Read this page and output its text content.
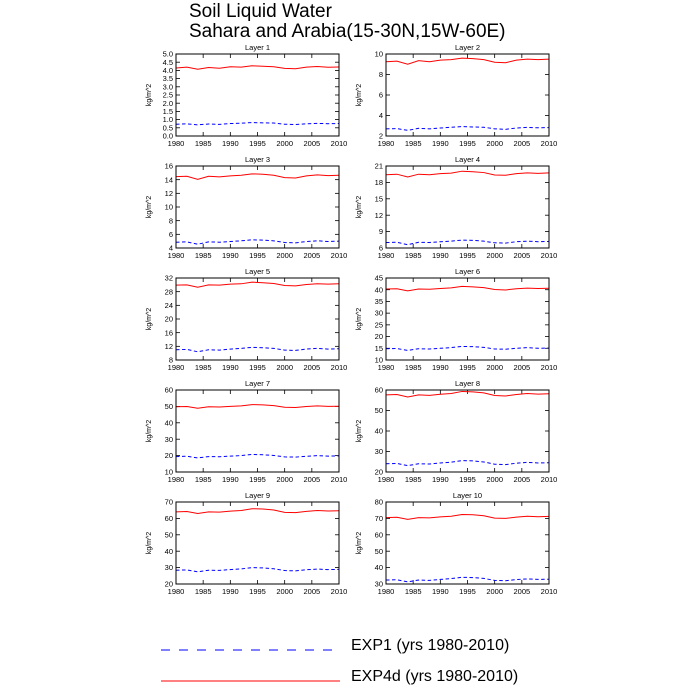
Soil Liquid Water
Sahara and Arabia(15-30N,15W-60E)
Layer 1
kg/m^2
1980 1985 1990 1995 2000 2005 2010
0.0
0.5
1.0
1.5
2.0
2.5
3.0
3.5
4.0
4.5
5.0
Layer 2
kg/m^2
1980 1985 1990 1995 2000 2005 2010
2
4
6
8
10
Layer 3
kg/m^2
1980 1985 1990 1995 2000 2005 2010
4
6
8
10
12
14
16
Layer 4
kg/m^2
1980 1985 1990 1995 2000 2005 2010
6
9
12
15
18
21
Layer 5
kg/m^2
1980 1985 1990 1995 2000 2005 2010
8
12
16
20
24
28
32
Layer 6
kg/m^2
1980 1985 1990 1995 2000 2005 2010
10
15
20
25
30
35
40
45
Layer 7
kg/m^2
1980 1985 1990 1995 2000 2005 2010
10
20
30
40
50
60
Layer 8
kg/m^2
1980 1985 1990 1995 2000 2005 2010
20
30
40
50
60
Layer 9
kg/m^2
1980 1985 1990 1995 2000 2005 2010
20
30
40
50
60
70
Layer 10
kg/m^2
1980 1985 1990 1995 2000 2005 2010
30
40
50
60
70
80
EXP1 (yrs 1980-2010)
EXP4d (yrs 1980-2010)
